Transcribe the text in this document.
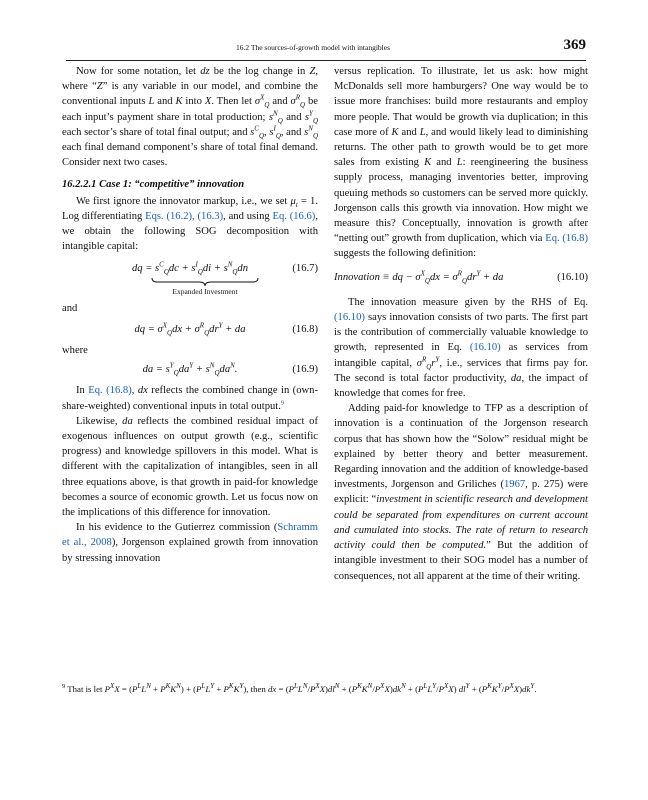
16.2 The sources-of-growth model with intangibles	369

Now for some notation, let dz be the log change in Z, where “Z” is any variable in our model, and combine the conventional inputs L and K into X. Then let $\sigma^X_Q$ and $\sigma^R_Q$ be each input’s payment share in total production; $s^N_Q$ and $s^Y_Q$ each sector’s share of total final output; and $s^C_Q$, $s^I_Q$, and $s^N_Q$ each final demand component’s share of total final demand. Consider next two cases.

16.2.2.1 Case 1: “competitive” innovation

We first ignore the innovator markup, i.e., we set $\mu_t = 1$. Log differentiating Eqs. (16.2), (16.3), and using Eq. (16.6), we obtain the following SOG decomposition with intangible capital:

dq = $s^C_Qdc + s^I_Qdi + s^N_Qdn$	(16.7)
Expanded Investment

and

dq = $\sigma^X_Qdx + \sigma^R_Qdr^Y$ + da	(16.8)

where

da = $s^Y_Qda^Y + s^N_Qda^N$.	(16.9)

In Eq. (16.8), dx reflects the combined change in (own-share-weighted) conventional inputs in total output.$^9$

Likewise, da reflects the combined residual impact of exogenous influences on output growth (e.g., scientific progress) and knowledge spillovers in this model. What is different with the capitalization of intangibles, seen in all three equations above, is that growth in paid-for knowledge becomes a source of economic growth. Let us focus now on the implications of this difference for innovation.

In his evidence to the Gutierrez commission (Schramm et al., 2008), Jorgenson explained growth from innovation by stressing innovation

versus replication. To illustrate, let us ask: how might McDonalds sell more hamburgers? One way would be to issue more franchises: build more restaurants and employ more people. That would be growth via duplication; in this case more of K and L, and would likely lead to diminishing returns. The other path to growth would be to get more sales from existing K and L: reengineering the business supply process, managing inventories better, improving queuing methods so customers can be served more quickly. Jorgenson calls this growth via innovation. How might we measure this? Conceptually, innovation is growth after “netting out” growth from duplication, which via Eq. (16.8) suggests the following definition:

Innovation ≡ dq − $\sigma^X_Qdx = \sigma^R_Qdr^Y$ + da	(16.10)

The innovation measure given by the RHS of Eq. (16.10) says innovation consists of two parts. The first part is the contribution of commercially valuable knowledge to growth, represented in Eq. (16.10) as services from intangible capital, $\sigma^R_Qr^Y$, i.e., services that firms pay for. The second is total factor productivity, da, the impact of knowledge that comes for free.

Adding paid-for knowledge to TFP as a description of innovation is a continuation of the Jorgenson research corpus that has shown how the “Solow” residual might be explained by better theory and better measurement. Regarding innovation and the addition of knowledge-based investments, Jorgenson and Griliches (1967, p. 275) were explicit: “investment in scientific research and development could be separated from expenditures on current account and cumulated into stocks. The rate of return to research activity could then be computed.” But the addition of intangible investment to their SOG model has a number of consequences, not all apparent at the time of their writing.

$^9$ That is let $P^XX = (P^LL^N + P^KK^N) + (P^LL^Y + P^KK^Y)$, then dx = $(P^LL^N/P^XX)dl^N + (P^KK^N/P^XX)dk^N + (P^LL^Y/P^XX) dl^Y + (P^KK^Y/P^XX)dk^Y$.
